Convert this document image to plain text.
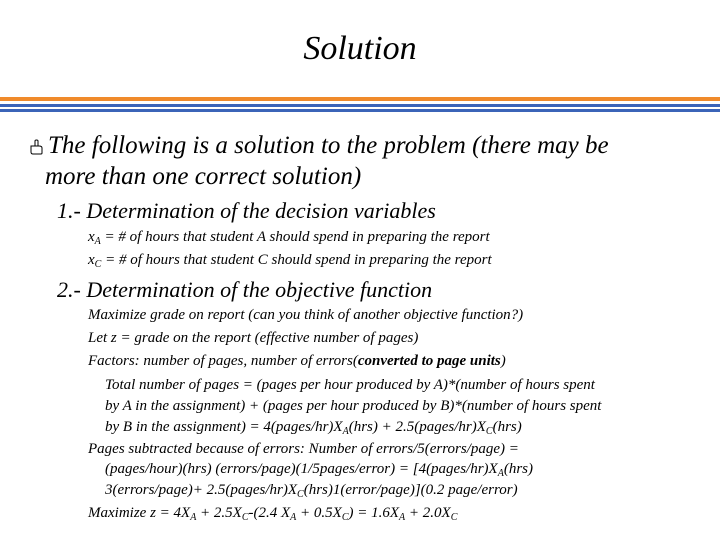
Solution
The following is a solution to the problem (there may be
more than one correct solution)
1.- Determination of the decision variables
$x_A$ = # of hours that student A should spend in preparing the report
$x_C$ = # of hours that student C should spend in preparing the report
2.- Determination of the objective function
Maximize grade on report (can you think of another objective function?)
Let z = grade on the report (effective number of pages)
Factors: number of pages, number of errors(converted to page units)
Total number of pages = (pages per hour produced by A)*(number of hours spent
by A in the assignment) + (pages per hour produced by B)*(number of hours spent
by B in the assignment) = $4(pages/hr)X_A(hrs)$ + $2.5(pages/hr)X_C(hrs)$
Pages subtracted because of errors: Number of errors/5(errors/page) =
(pages/hour)(hrs) (errors/page)(1/5pages/error) = [$4(pages/hr)X_A(hrs)$
3(errors/page)+ $2.5(pages/hr)X_C(hrs)1(error/page)](0.2$ page/error)
Maximize $z = 4X_A + 2.5X_C-(2.4$ $X_A + 0.5X_C) = 1.6X_A + 2.0X_C$
